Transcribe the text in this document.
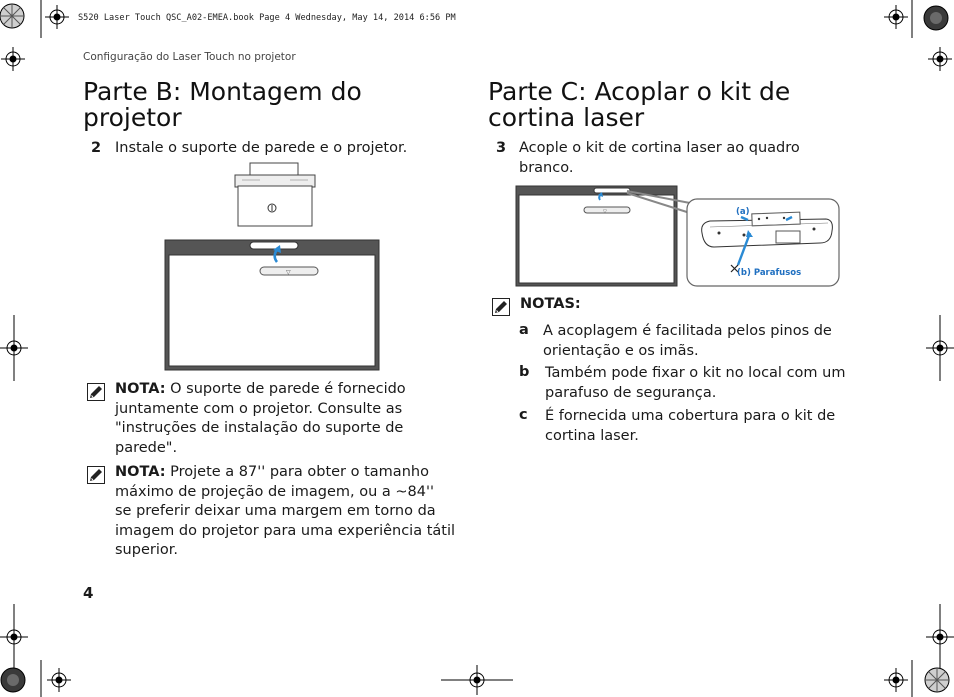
S520 Laser Touch QSC_A02-EMEA.book Page 4 Wednesday, May 14, 2014 6:56 PM
Configuração do Laser Touch no projetor
Parte B: Montagem do
projetor
2 Instale o suporte de parede e o projetor.
▽
NOTA: O suporte de parede é fornecido juntamente com o projetor. Consulte as "instruções de instalação do suporte de parede".
NOTA: Projete a 87'' para obter o tamanho máximo de projeção de imagem, ou a ~84'' se preferir deixar uma margem em torno da imagem do projetor para uma experiência tátil superior.
Parte C: Acoplar o kit de
cortina laser
3 Acople o kit de cortina laser ao quadro branco.
▽	(a)
(b) Parafusos
NOTAS:
a A acoplagem é facilitada pelos pinos de orientação e os imãs.
b Também pode fixar o kit no local com um parafuso de segurança.
c É fornecida uma cobertura para o kit de cortina laser.
4
